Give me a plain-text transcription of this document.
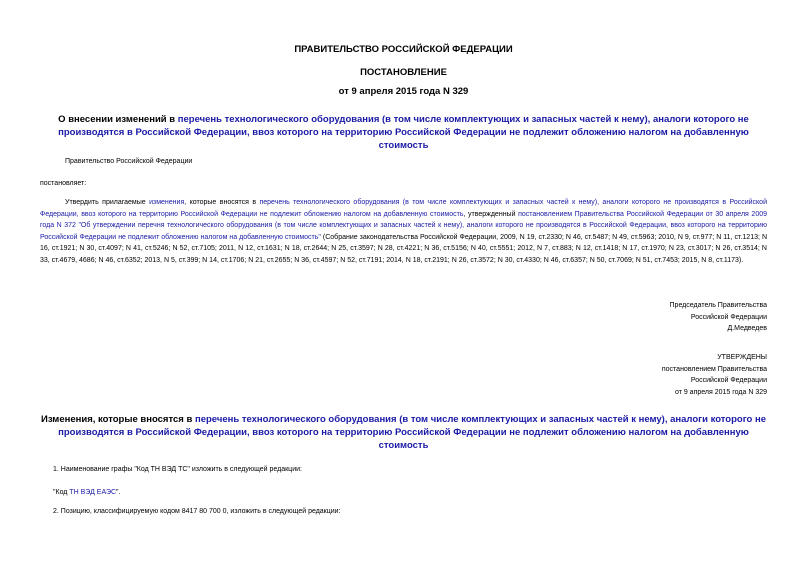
ПРАВИТЕЛЬСТВО РОССИЙСКОЙ ФЕДЕРАЦИИ
ПОСТАНОВЛЕНИЕ
от 9 апреля 2015 года N 329
О внесении изменений в перечень технологического оборудования (в том числе комплектующих и запасных частей к нему), аналоги которого не производятся в Российской Федерации, ввоз которого на территорию Российской Федерации не подлежит обложению налогом на добавленную стоимость
Правительство Российской Федерации
постановляет:
Утвердить прилагаемые изменения, которые вносятся в перечень технологического оборудования (в том числе комплектующих и запасных частей к нему), аналоги которого не производятся в Российской Федерации, ввоз которого на территорию Российской Федерации не подлежит обложению налогом на добавленную стоимость, утвержденный постановлением Правительства Российской Федерации от 30 апреля 2009 года N 372 "Об утверждении перечня технологического оборудования (в том числе комплектующих и запасных частей к нему), аналоги которого не производятся в Российской Федерации, ввоз которого на территорию Российской Федерации не подлежит обложению налогом на добавленную стоимость" (Собрание законодательства Российской Федерации, 2009, N 19, ст.2330; N 46, ст.5487; N 49, ст.5963; 2010, N 9, ст.977; N 11, ст.1213; N 16, ст.1921; N 30, ст.4097; N 41, ст.5246; N 52, ст.7105; 2011, N 12, ст.1631; N 18, ст.2644; N 25, ст.3597; N 28, ст.4221; N 36, ст.5156; N 40, ст.5551; 2012, N 7, ст.883; N 12, ст.1418; N 17, ст.1970; N 23, ст.3017; N 26, ст.3514; N 33, ст.4679, 4686; N 46, ст.6352; 2013, N 5, ст.399; N 14, ст.1706; N 21, ст.2655; N 36, ст.4597; N 52, ст.7191; 2014, N 18, ст.2191; N 26, ст.3572; N 30, ст.4330; N 46, ст.6357; N 50, ст.7069; N 51, ст.7453; 2015, N 8, ст.1173).
Председатель Правительства
Российской Федерации
Д.Медведев
УТВЕРЖДЕНЫ
постановлением Правительства
Российской Федерации
от 9 апреля 2015 года N 329
Изменения, которые вносятся в перечень технологического оборудования (в том числе комплектующих и запасных частей к нему), аналоги которого не производятся в Российской Федерации, ввоз которого на территорию Российской Федерации не подлежит обложению налогом на добавленную стоимость
1. Наименование графы "Код ТН ВЭД ТС" изложить в следующей редакции:
"Код ТН ВЭД ЕАЭС".
2. Позицию, классифицируемую кодом 8417 80 700 0, изложить в следующей редакции:
